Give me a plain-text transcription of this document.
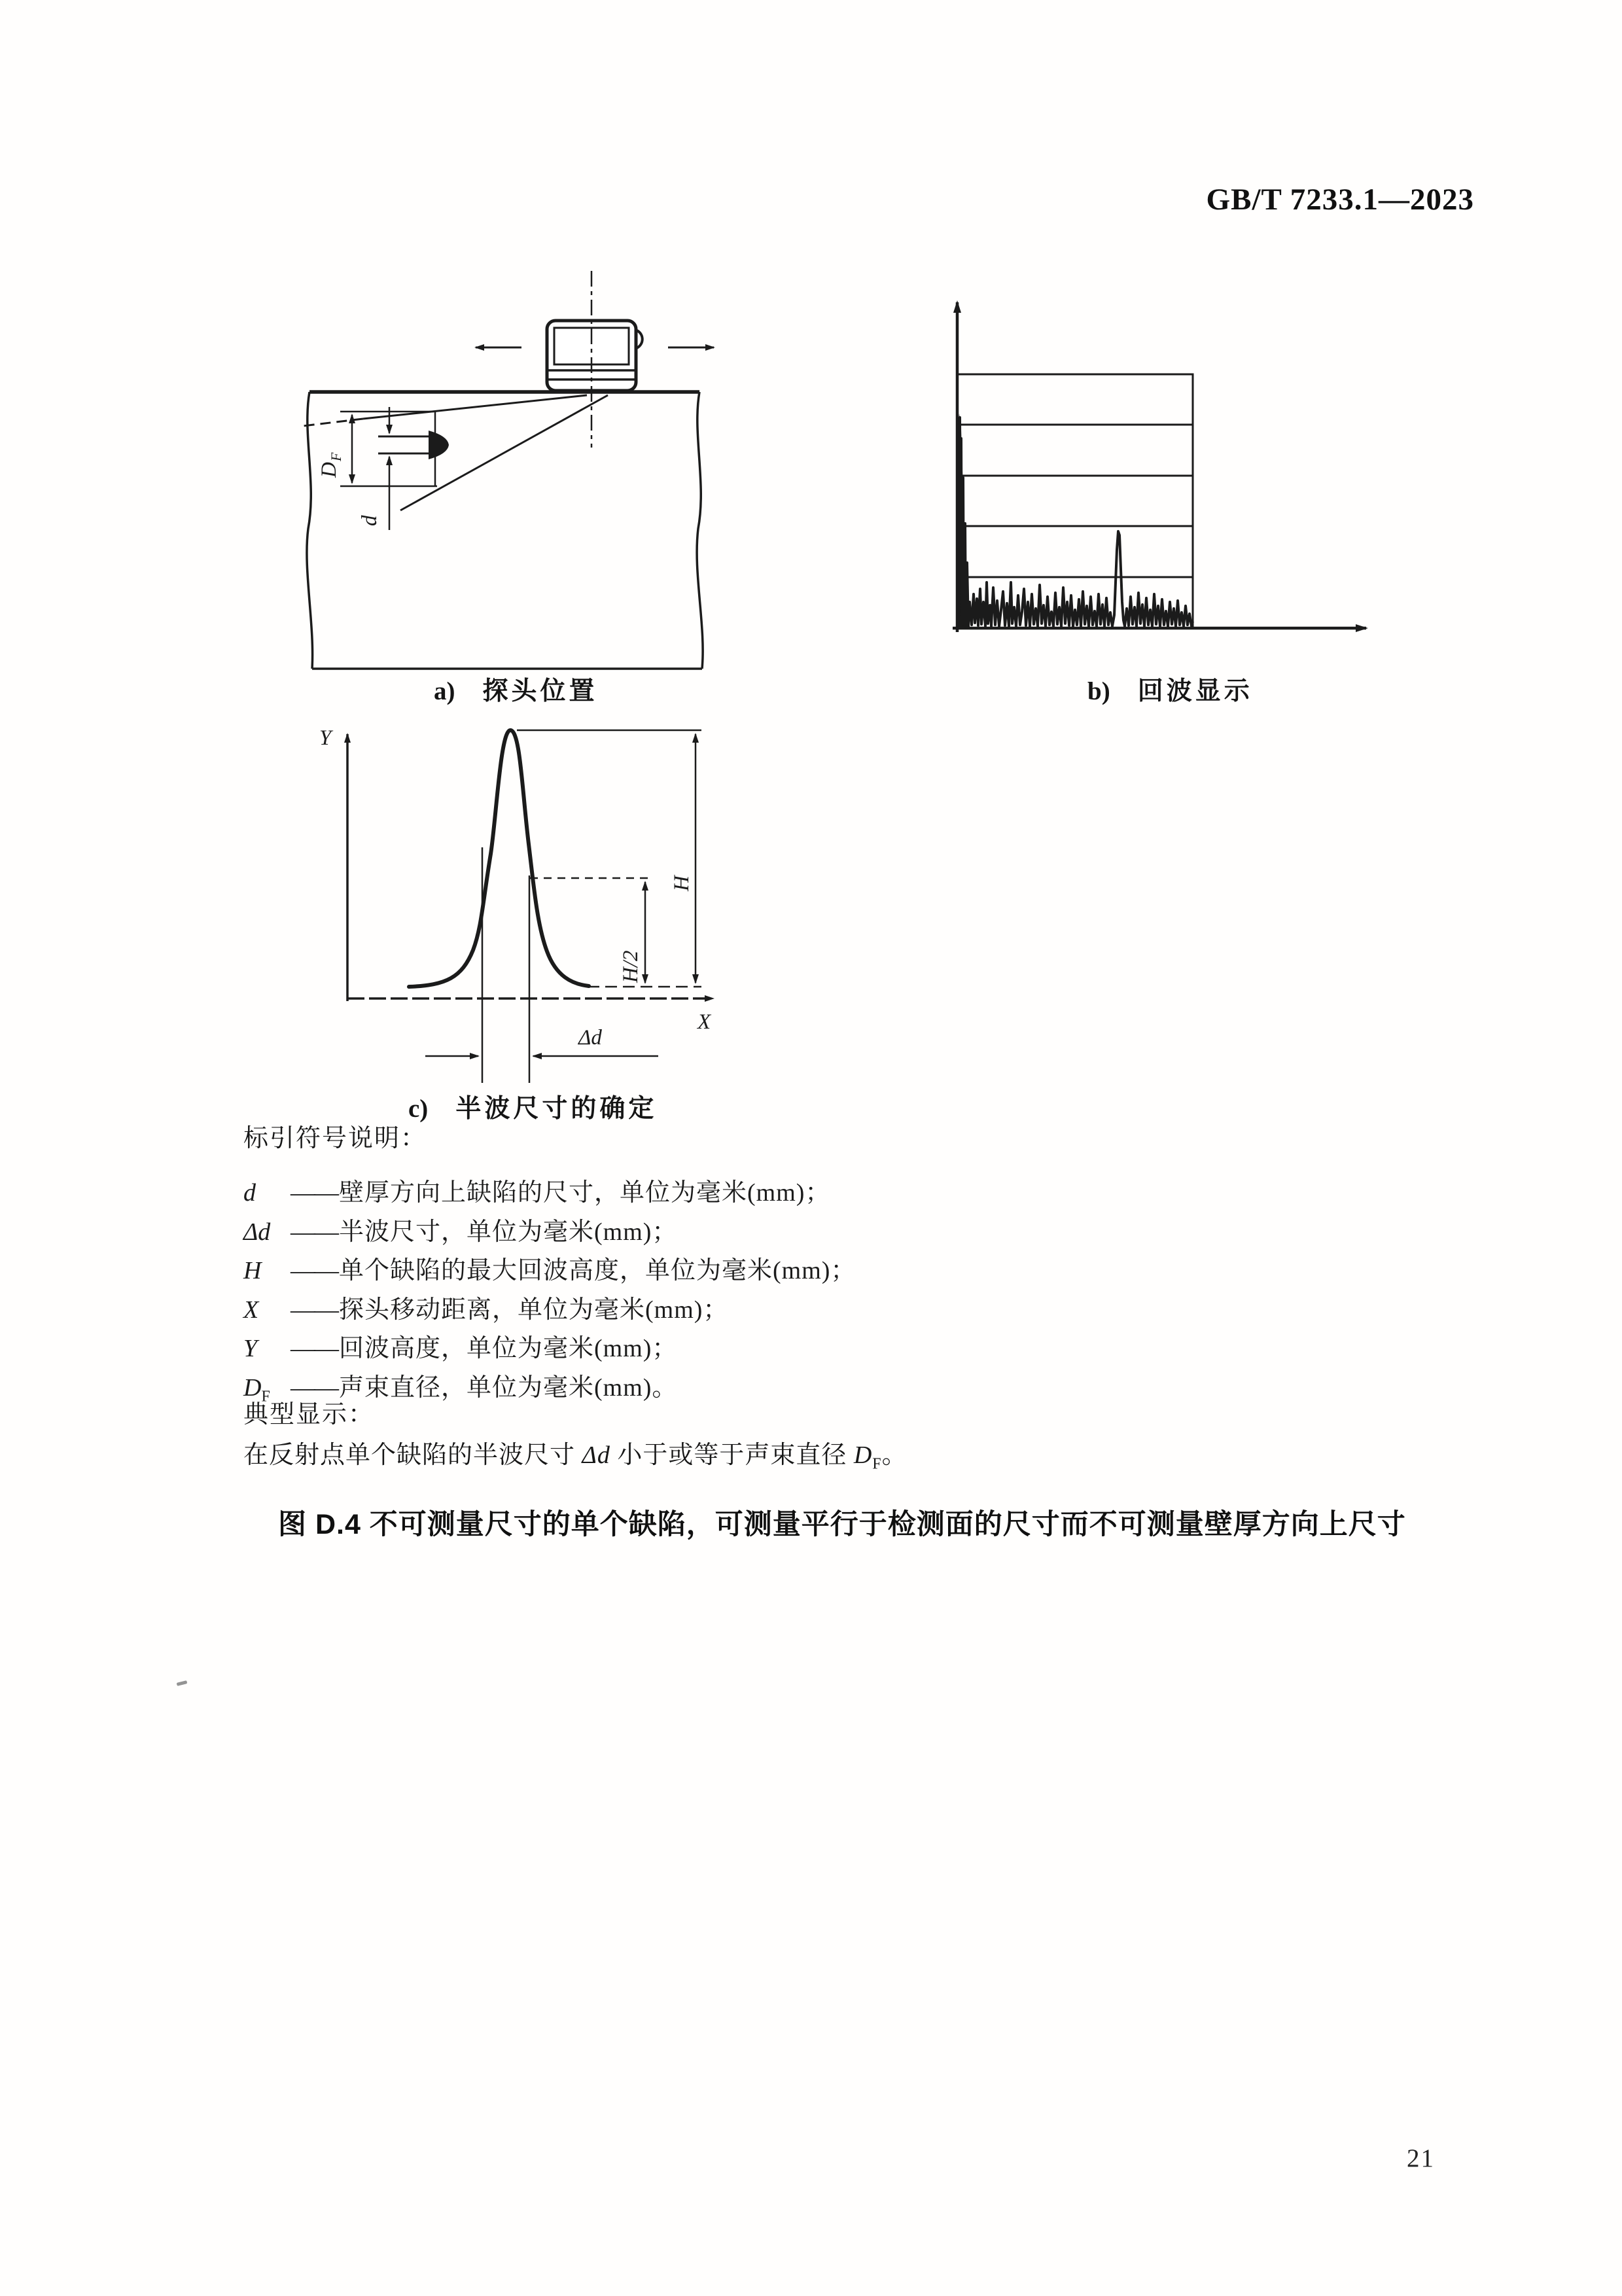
GB/T 7233.1—2023
D
F
d
Y
X
H
H/2
Δd
a) 探头位置	b) 回波显示
c) 半波尺寸的确定
标引符号说明：
d	—— 壁厚方向上缺陷的尺寸，单位为毫米(mm)；
Δd —— 半波尺寸，单位为毫米(mm)；
H	—— 单个缺陷的最大回波高度，单位为毫米(mm)；
X	—— 探头移动距离，单位为毫米(mm)；
Y	—— 回波高度，单位为毫米(mm)；
$D_F$ —— 声束直径，单位为毫米(mm)。
典型显示：
在反射点单个缺陷的半波尺寸 Δd 小于或等于声束直径 $D_F$。
图 D.4 不可测量尺寸的单个缺陷，可测量平行于检测面的尺寸而不可测量壁厚方向上尺寸
21
